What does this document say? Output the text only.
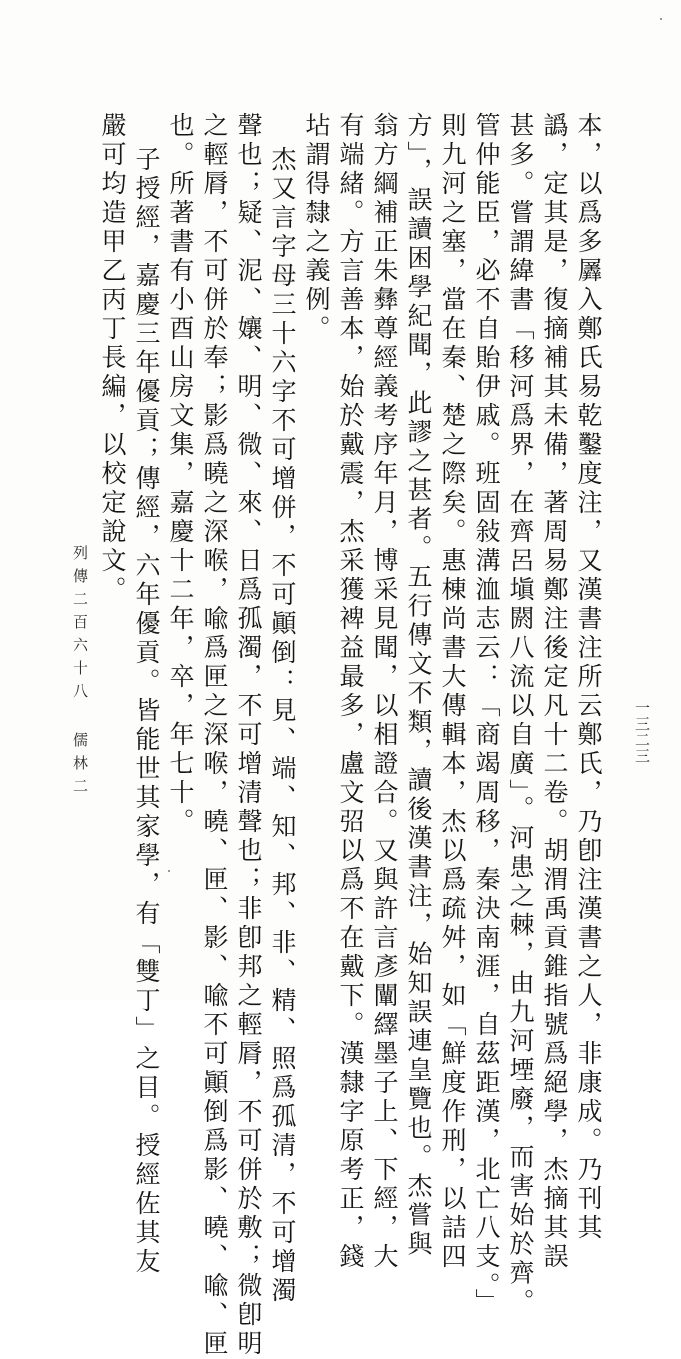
本，以爲多羼入鄭氏易乾鑿度注，又漢書注所云鄭氏，乃卽注漢書之人，非康成。乃刊其
譌，定其是，復摘補其未備，著周易鄭注後定凡十二卷。胡渭禹貢錐指號爲絕學，杰摘其誤
甚多。嘗謂緯書「移河爲界，在齊呂塡閼八流以自廣」。河患之棘，由九河堙廢，而害始於齊。
管仲能臣，必不自貽伊戚。班固敍溝洫志云：「商竭周移，秦決南涯，自茲距漢，北亡八支。」
則九河之塞，當在秦、楚之際矣。惠棟尚書大傳輯本，杰以爲疏舛，如「鮮度作刑，以詰四
方」，誤讀困學紀聞，此謬之甚者。五行傳文不類，讀後漢書注，始知誤連皇覽也。杰嘗與
翁方綱補正朱彝尊經義考序年月，博采見聞，以相證合。又與許言彥闡繹墨子上、下經，大
有端緒。方言善本，始於戴震，杰采獲裨益最多，盧文弨以爲不在戴下。漢隸字原考正，錢
坫謂得隸之義例。
杰又言字母三十六字不可增併，不可顚倒：見、端、知、邦、非、精、照爲孤清，不可增濁
聲也；疑、泥、孃、明、微、來、日爲孤濁，不可增清聲也；非卽邦之輕脣，不可併於敷；微卽明
之輕脣，不可併於奉；影爲曉之深喉，喩爲匣之深喉，曉、匣、影、喩不可顚倒爲影、曉、喩、匣
也。所著書有小酉山房文集，嘉慶十二年，卒，年七十。
子授經，嘉慶三年優貢；傳經，六年優貢。皆能世其家學，有「雙丁」之目。授經佐其友
嚴可均造甲乙丙丁長編，以校定說文。
列傳二百六十八 儒林二	一三二三
